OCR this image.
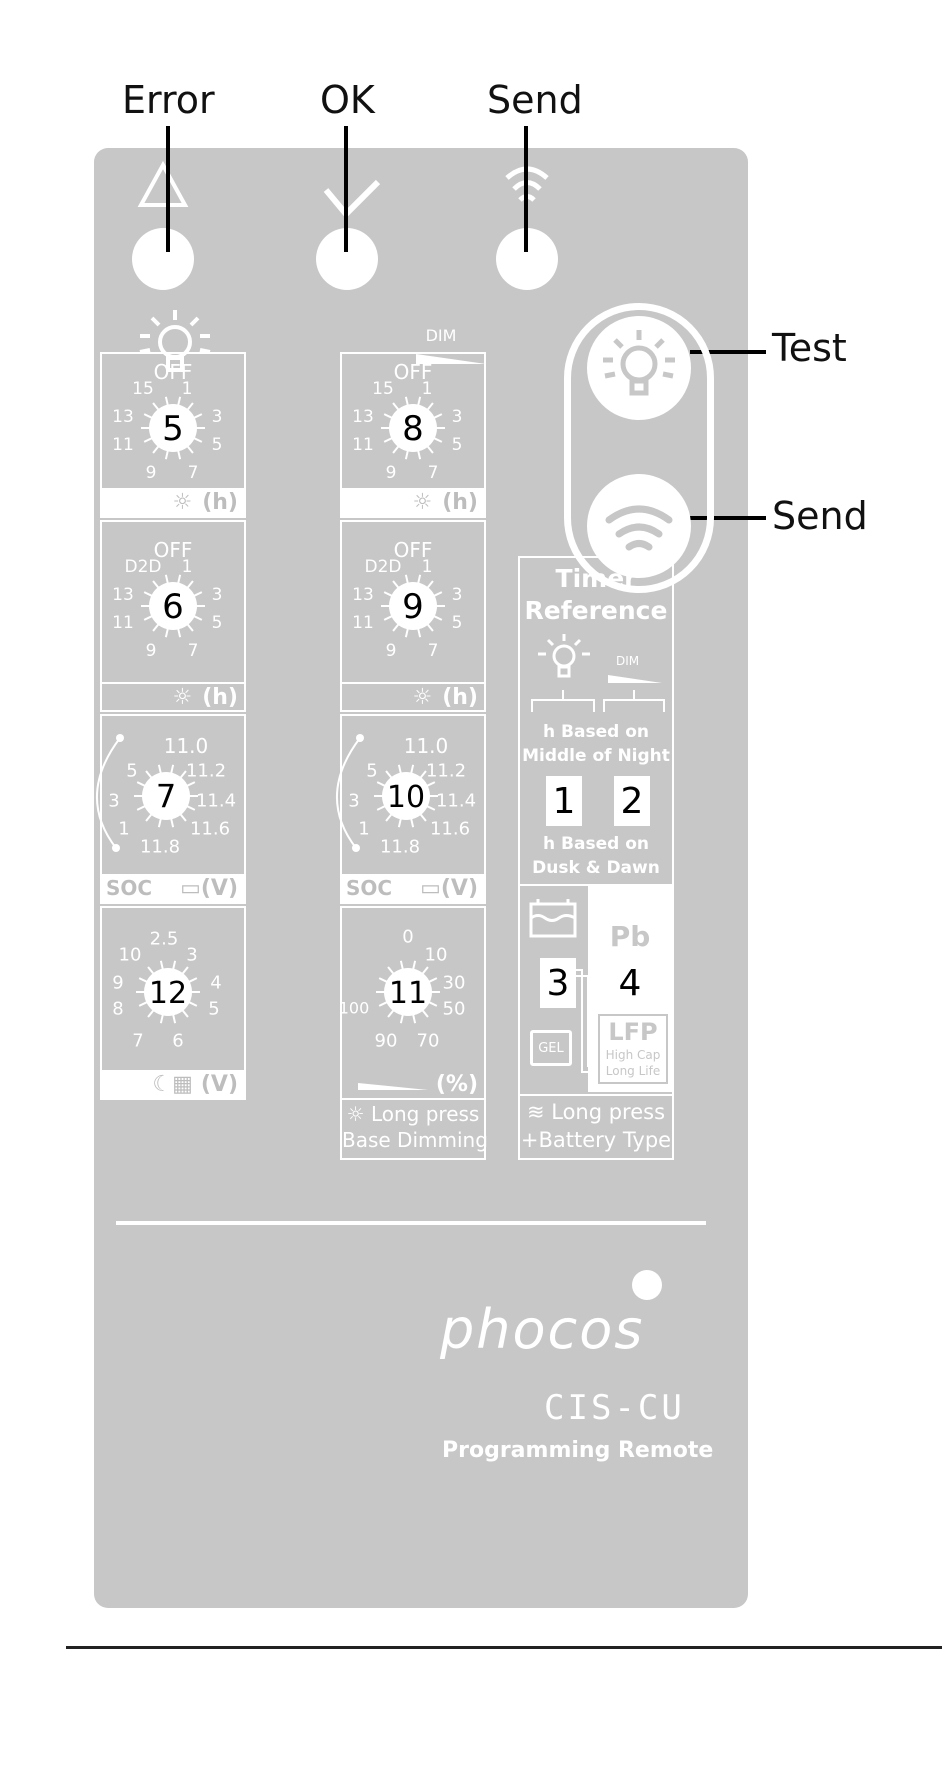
Error	OK	Send
Test
Send
DIM
5
OFF
15 1
13	3
11	5
9 7
☼ (h)
6
OFF
D2D 1
13	3
11	5
9 7
☼ (h)
7
11.0
5	11.2
3	11.4
1	11.6
11.8
SOC ▭(V)
12
2.5
10 3
9	4
8	5
7 6
☾▦ (V)
8
OFF
15 1
13	3
11	5
9 7
☼ (h)
9
OFF
D2D 1
13	3
11	5
9 7
☼ (h)
10
11.0
5	11.2
3	11.4
1	11.6
11.8
SOC ▭(V)
11
0
10
30
100	50
90 70
(%)
☼ Long press
Base Dimming
Timer
Reference
DIM
h Based on
Middle of Night
1 2
h Based on
Dusk & Dawn
Pb
3 4
GEL
LFP
High Cap
Long Life
≋ Long press
+Battery Type
phocos
CIS-CU
Programming Remote
